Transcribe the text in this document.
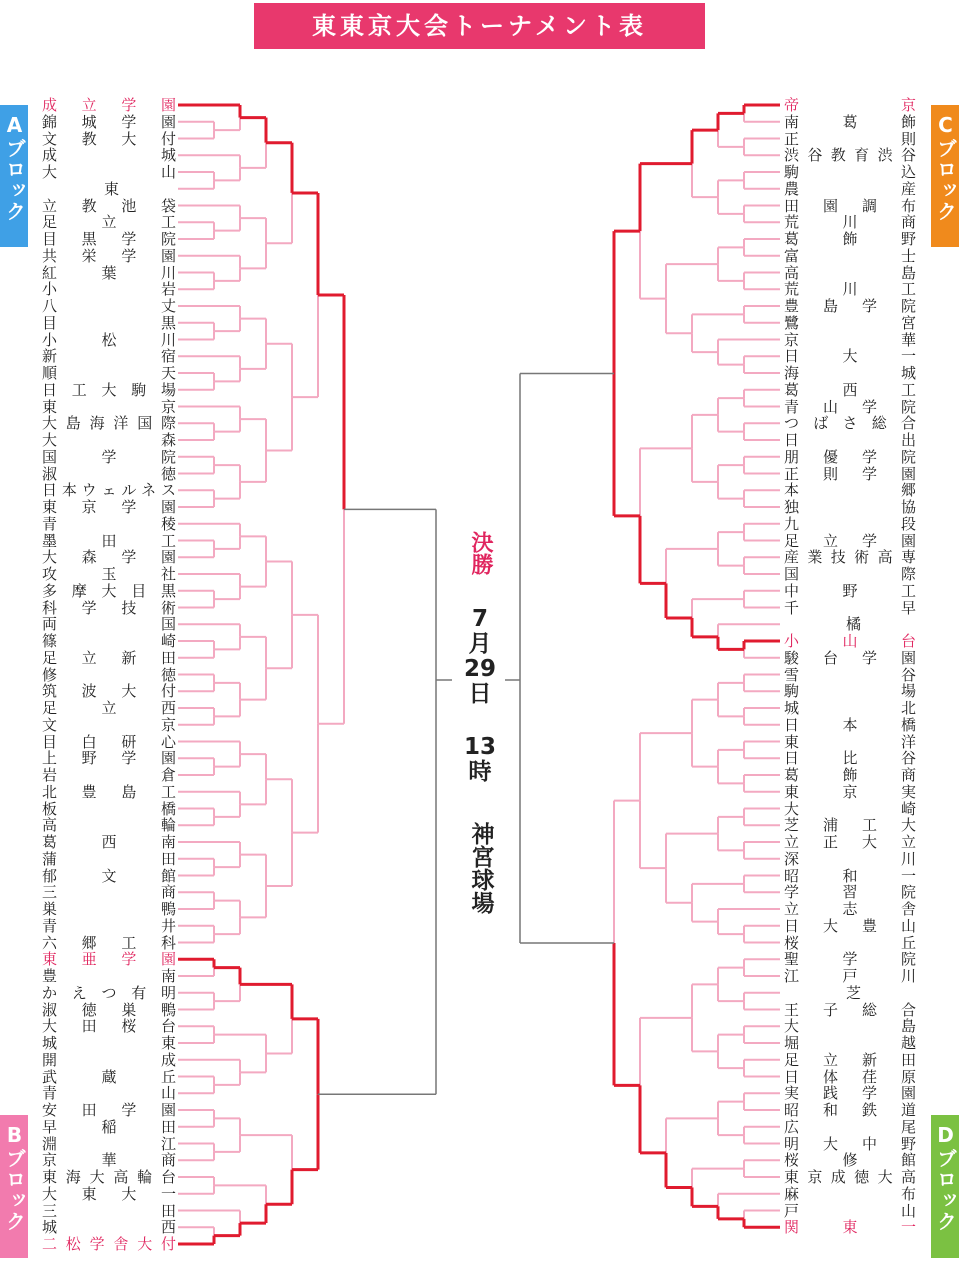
東東京大会トーナメント表
Aブロック
Bブロック
Cブロック
Dブロック
成 立 学 園
錦 城 学 園
文 教 大 付
成	城
大	山
東
立 教 池 袋
足	立	工
目 黒 学 院
共 栄 学 園
紅	葉	川
小	岩
八	丈
目	黒
小	松	川
新	宿
順	天
日 工 大 駒 場
東	京
大 島 海 洋 国 際
大	森
国	学	院
淑	徳
日 本 ウ ェ ル ネ ス
東 京 学 園
青	稜
墨	田	工
大 森 学 園
攻	玉	社
多 摩 大 目 黒
科 学 技 術
両	国
篠	崎
足 立 新 田
修	徳
筑 波 大 付
足	立	西
文	京
目 白 研 心
上 野 学 園
岩	倉
北 豊 島 工
板	橋
高	輪
葛	西	南
蒲	田
郁	文	館
三	商
巣	鴨
青	井
六 郷 工 科
東 亜 学 園
豊	南
か え つ 有 明
淑 徳 巣 鴨
大 田 桜 台
城	東
開	成
武	蔵	丘
青	山
安 田 学 園
早	稲	田
淵	江
京	華	商
東 海 大 高 輪 台
大 東 大 一
三	田
城	西
二 松 学 舎 大 付
帝	京
南	葛	飾
正	則
渋 谷 教 育 渋 谷
駒	込
農	産
田 園 調 布
荒	川	商
葛	飾	野
富	士
高	島
荒	川	工
豊 島 学 院
鷺	宮
京	華
日	大	一
海	城
葛	西	工
青 山 学 院
つ ば さ 総 合
日	出
朋 優 学 院
正 則 学 園
本	郷
独	協
九	段
足 立 学 園
産 業 技 術 高 専
国	際
中	野	工
千	早
橘
小	山	台
駿 台 学 園
雪	谷
駒	場
城	北
日	本	橋
東	洋
日	比	谷
葛	飾	商
東	京	実
大	崎
芝 浦 工 大
立 正 大 立
深	川
昭	和	一
学	習	院
立	志	舎
日 大 豊 山
桜	丘
聖	学	院
江	戸	川
芝
王 子 総 合
大	島
堀	越
足 立 新 田
日 体 荏 原
実 践 学 園
昭 和 鉄 道
広	尾
明 大 中 野
桜	修	館
東 京 成 徳 大 高
麻	布
戸	山
関	東	一
決勝
7
月
29
日
13
時
神宮球場
